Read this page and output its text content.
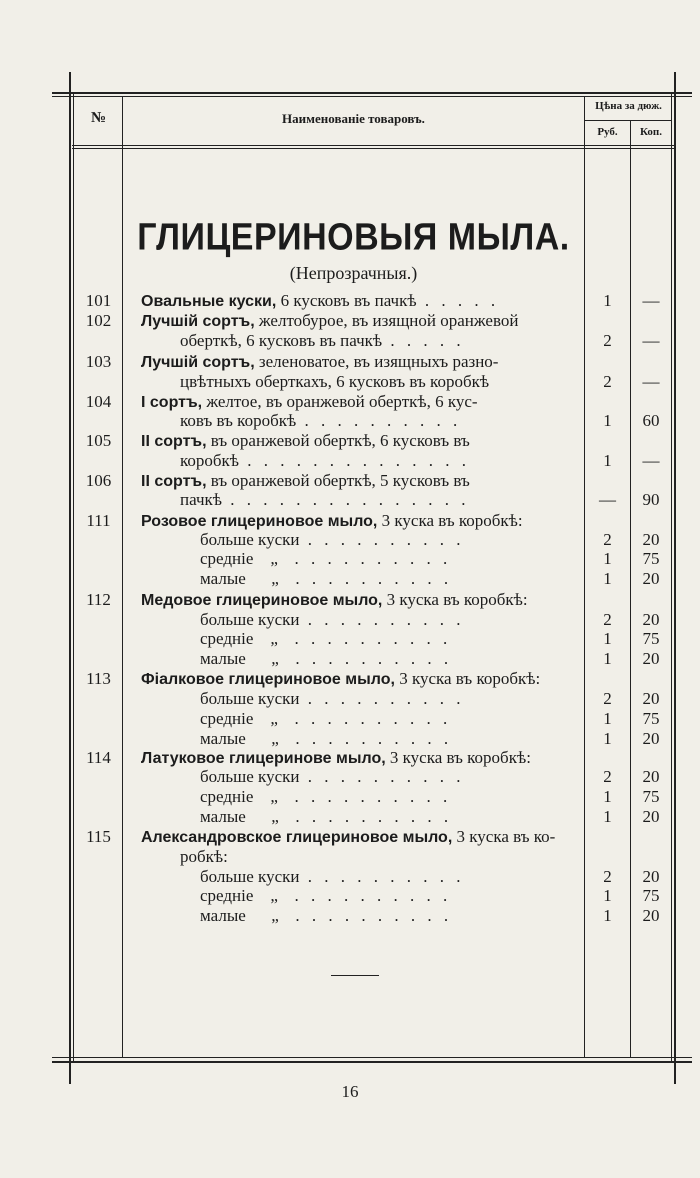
№	Наименованіе товаровъ.
Цѣна за дюж.
Руб.	Коп.
ГЛИЦЕРИНОВЫЯ МЫЛА.
(Непрозрачныя.)
101	Овальные куски, 6 кусковъ въ пачкѣ . . . . .	1	—
102	Лучшій сортъ, желтобурое, въ изящной оранжевой
оберткѣ, 6 кусковъ въ пачкѣ . . . . .	2	—
103	Лучшій сортъ, зеленоватое, въ изящныхъ разно-
цвѣтныхъ оберткахъ, 6 кусковъ въ коробкѣ	2	—
104	I сортъ, желтое, въ оранжевой оберткѣ, 6 кус-
ковъ въ коробкѣ . . . . . . . . . .	1	60
105	II сортъ, въ оранжевой оберткѣ, 6 кусковъ въ
коробкѣ . . . . . . . . . . . . . .	1	—
106	II сортъ, въ оранжевой оберткѣ, 5 кусковъ въ
пачкѣ . . . . . . . . . . . . . . .	—	90
111	Розовое глицериновое мыло, 3 куска въ коробкѣ:
больше куски . . . . . . . . . .	2	20
средніе    „  . . . . . . . . . .	1	75
малые      „  . . . . . . . . . .	1	20
112	Медовое глицериновое мыло, 3 куска въ коробкѣ:
больше куски . . . . . . . . . .	2	20
средніе    „  . . . . . . . . . .	1	75
малые      „  . . . . . . . . . .	1	20
113	Фіалковое глицериновое мыло, 3 куска въ коробкѣ:
больше куски . . . . . . . . . .	2	20
средніе    „  . . . . . . . . . .	1	75
малые      „  . . . . . . . . . .	1	20
114	Латуковое глицеринове мыло, 3 куска въ коробкѣ:
больше куски . . . . . . . . . .	2	20
средніе    „  . . . . . . . . . .	1	75
малые      „  . . . . . . . . . .	1	20
115	Александровское глицериновое мыло, 3 куска въ ко-
робкѣ:
больше куски . . . . . . . . . .	2	20
средніе    „  . . . . . . . . . .	1	75
малые      „  . . . . . . . . . .	1	20
16
